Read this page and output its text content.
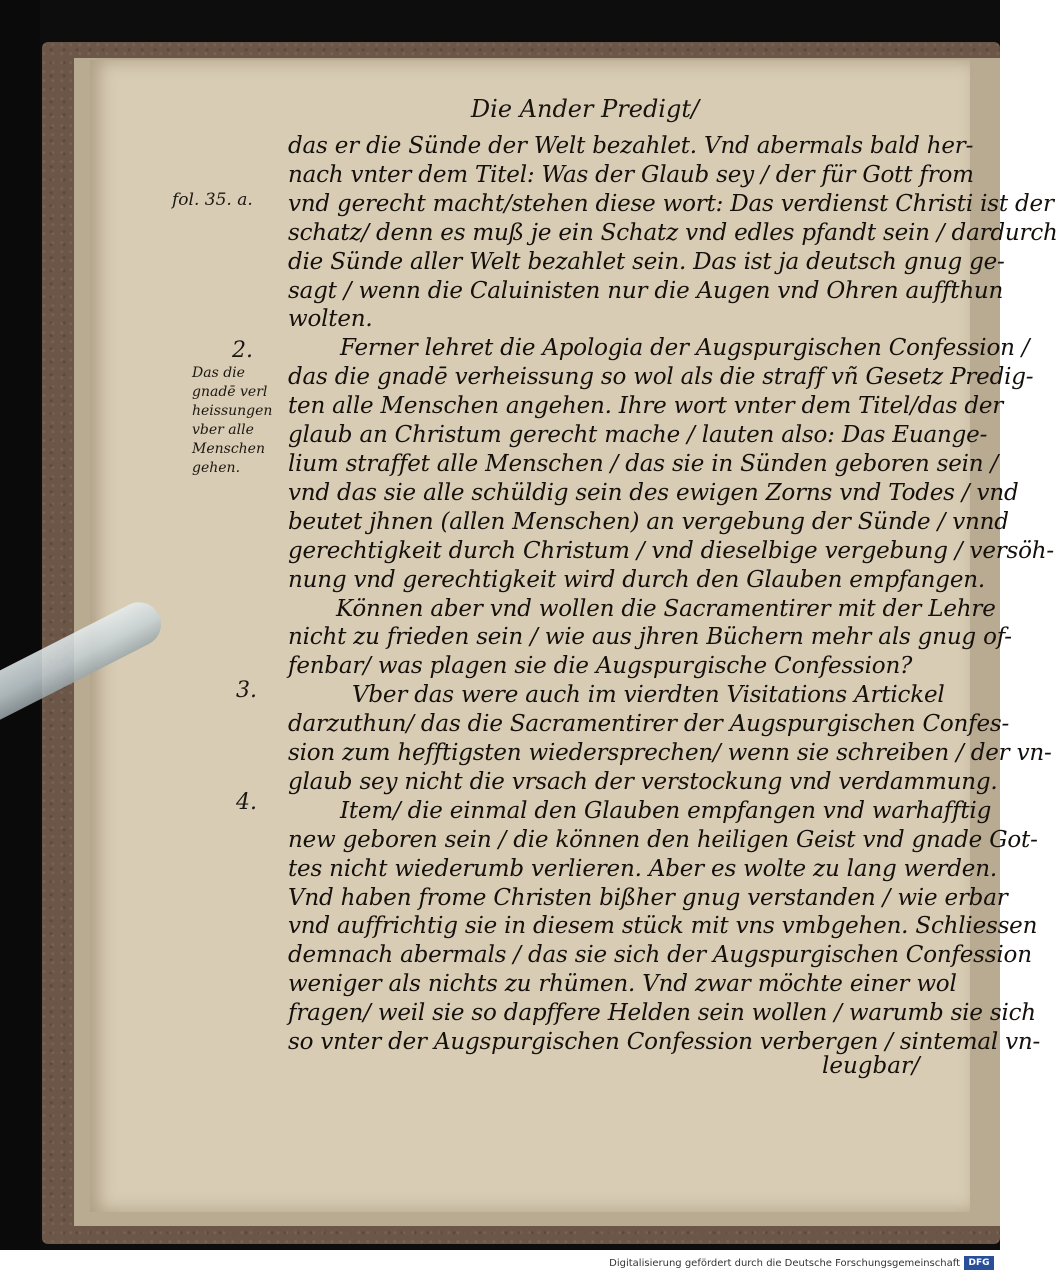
Die Ander Predigt/
fol. 35. a.
2.
Das die
gnadē verl
heissungen
vber alle
Menschen
gehen.
3.
4.
das er die Sünde der Welt bezahlet. Vnd abermals bald her-
nach vnter dem Titel: Was der Glaub sey / der für Gott from
vnd gerecht macht/stehen diese wort: Das verdienst Christi ist der
schatz/ denn es muß je ein Schatz vnd edles pfandt sein / dardurch
die Sünde aller Welt bezahlet sein. Das ist ja deutsch gnug ge-
sagt / wenn die Caluinisten nur die Augen vnd Ohren auffthun
wolten.
Ferner lehret die Apologia der Augspurgischen Confession /
das die gnadē verheissung so wol als die straff vñ Gesetz Predig-
ten alle Menschen angehen. Ihre wort vnter dem Titel/das der
glaub an Christum gerecht mache / lauten also: Das Euange-
lium straffet alle Menschen / das sie in Sünden geboren sein /
vnd das sie alle schüldig sein des ewigen Zorns vnd Todes / vnd
beutet jhnen (allen Menschen) an vergebung der Sünde / vnnd
gerechtigkeit durch Christum / vnd dieselbige vergebung / versöh-
nung vnd gerechtigkeit wird durch den Glauben empfangen.
Können aber vnd wollen die Sacramentirer mit der Lehre
nicht zu frieden sein / wie aus jhren Büchern mehr als gnug of-
fenbar/ was plagen sie die Augspurgische Confession?
Vber das were auch im vierdten Visitations Artickel
darzuthun/ das die Sacramentirer der Augspurgischen Confes-
sion zum hefftigsten wiedersprechen/ wenn sie schreiben / der vn-
glaub sey nicht die vrsach der verstockung vnd verdammung.
Item/ die einmal den Glauben empfangen vnd warhafftig
new geboren sein / die können den heiligen Geist vnd gnade Got-
tes nicht wiederumb verlieren. Aber es wolte zu lang werden.
Vnd haben frome Christen bißher gnug verstanden / wie erbar
vnd auffrichtig sie in diesem stück mit vns vmbgehen. Schliessen
demnach abermals / das sie sich der Augspurgischen Confession
weniger als nichts zu rhümen. Vnd zwar möchte einer wol
fragen/ weil sie so dapffere Helden sein wollen / warumb sie sich
so vnter der Augspurgischen Confession verbergen / sintemal vn-
leugbar/
Digitalisierung gefördert durch die Deutsche Forschungsgemeinschaft DFG
